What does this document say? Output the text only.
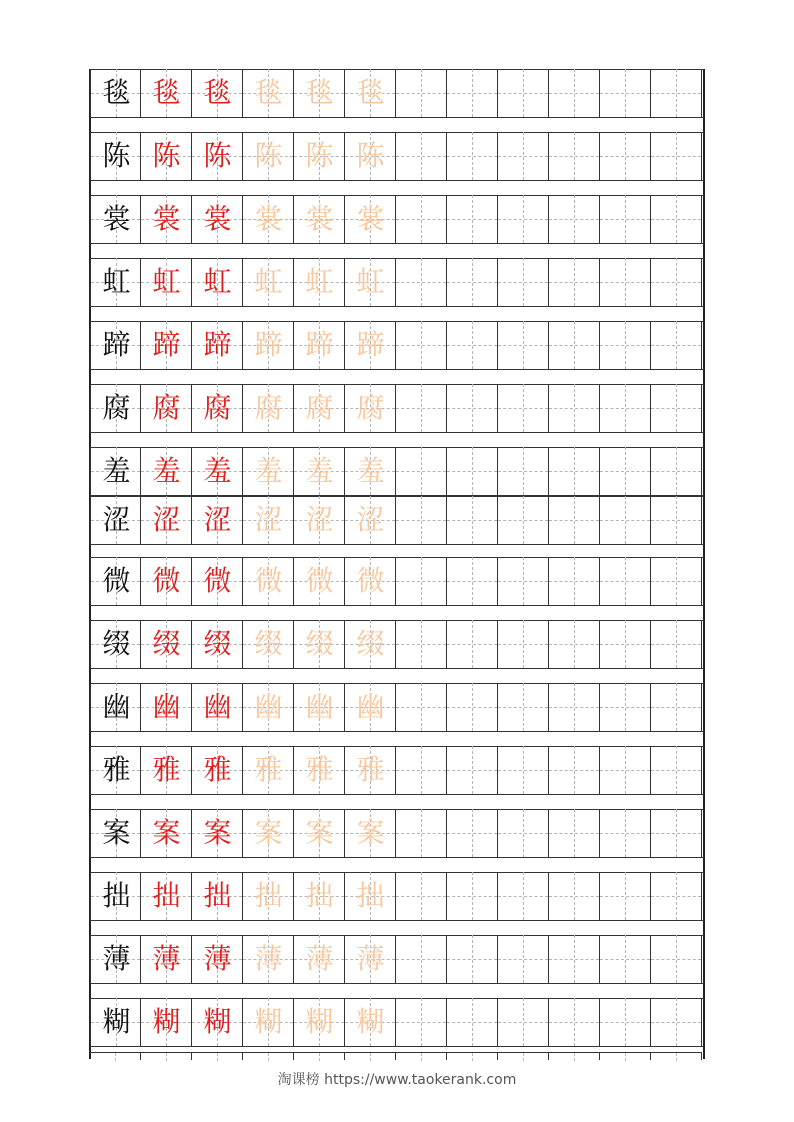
毯 毯 毯 毯 毯 毯
陈 陈 陈 陈 陈 陈
裳 裳 裳 裳 裳 裳
虹 虹 虹 虹 虹 虹
蹄 蹄 蹄 蹄 蹄 蹄
腐 腐 腐 腐 腐 腐
羞 羞 羞 羞 羞 羞
涩 涩 涩 涩 涩 涩
微 微 微 微 微 微
缀 缀 缀 缀 缀 缀
幽 幽 幽 幽 幽 幽
雅 雅 雅 雅 雅 雅
案 案 案 案 案 案
拙 拙 拙 拙 拙 拙
薄 薄 薄 薄 薄 薄
糊 糊 糊 糊 糊 糊
淘课榜 https://www.taokerank.com
